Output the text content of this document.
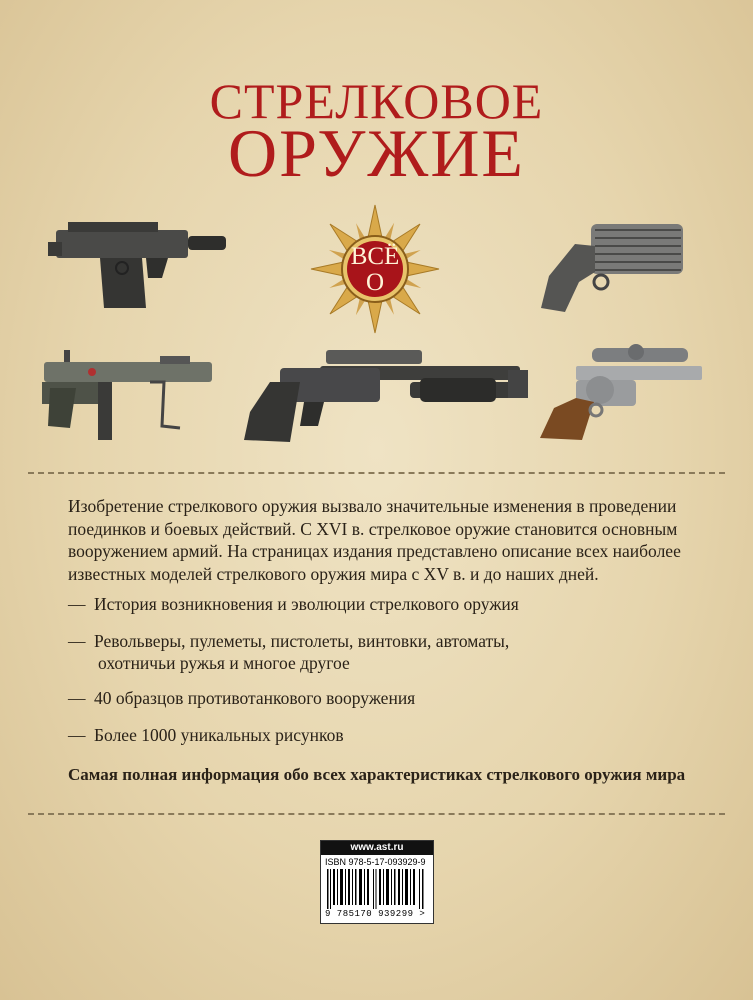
СТРЕЛКОВОЕ
ОРУЖИЕ
ВСЁ
О

Изобретение стрелкового оружия вызвало значительные изменения в проведении

поединков и боевых действий. С XVI в. стрелковое оружие становится основным

вооружением армий. На страницах издания представлено описание всех наиболее

известных моделей стрелкового оружия мира с XV в. и до наших дней.

— История возникновения и эволюции стрелкового оружия
— Револьверы, пулеметы, пистолеты, винтовки, автоматы,
охотничьи ружья и многое другое
— 40 образцов противотанкового вооружения
— Более 1000 уникальных рисунков
Самая полная информация обо всех характеристиках стрелкового оружия мира
www.ast.ru
ISBN 978-5-17-093929-9
9 785170 939299 >
